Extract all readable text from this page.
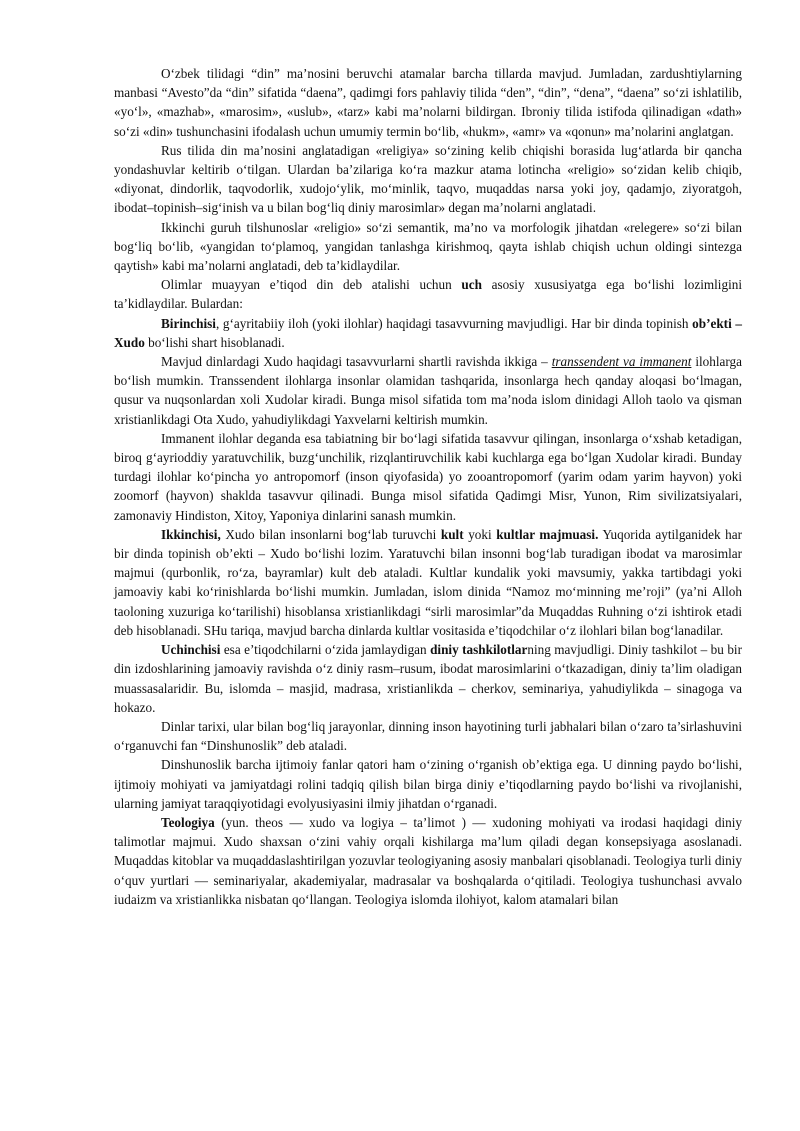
O‘zbek tilidagi “din” ma’nosini beruvchi atamalar barcha tillarda mavjud. Jumladan, zardushtiylarning manbasi “Avesto”da “din” sifatida “daena”, qadimgi fors pahlaviy tilida “den”, “din”, “dena”, “daena” so‘zi ishlatilib, «yo‘l», «mazhab», «marosim», «uslub», «tarz» kabi ma’nolarni bildirgan. Ibroniy tilida istifoda qilinadigan «dath» so‘zi «din» tushunchasini ifodalash uchun umumiy termin bo‘lib, «hukm», «amr» va «qonun» ma’nolarini anglatgan.

Rus tilida din ma’nosini anglatadigan «religiya» so‘zining kelib chiqishi borasida lug‘atlarda bir qancha yondashuvlar keltirib o‘tilgan. Ulardan ba’zilariga ko‘ra mazkur atama lotincha «religio» so‘zidan kelib chiqib, «diyonat, dindorlik, taqvodorlik, xudojo‘ylik, mo‘minlik, taqvo, muqaddas narsa yoki joy, qadamjo, ziyoratgoh, ibodat–topinish–sig‘inish va u bilan bog‘liq diniy marosimlar» degan ma’nolarni anglatadi.

Ikkinchi guruh tilshunoslar «religio» so‘zi semantik, ma’no va morfologik jihatdan «relegere» so‘zi bilan bog‘liq bo‘lib, «yangidan to‘plamoq, yangidan tanlashga kirishmoq, qayta ishlab chiqish uchun oldingi sintezga qaytish» kabi ma’nolarni anglatadi, deb ta’kidlaydilar.

Olimlar muayyan e’tiqod din deb atalishi uchun uch asosiy xususiyatga ega bo‘lishi lozimligini ta’kidlaydilar. Bulardan:

Birinchisi, g‘ayritabiiy iloh (yoki ilohlar) haqidagi tasavvurning mavjudligi. Har bir dinda topinish ob’ekti – Xudo bo‘lishi shart hisoblanadi.

Mavjud dinlardagi Xudo haqidagi tasavvurlarni shartli ravishda ikkiga – transsendent va immanent ilohlarga bo‘lish mumkin. Transsendent ilohlarga insonlar olamidan tashqarida, insonlarga hech qanday aloqasi bo‘lmagan, qusur va nuqsonlardan xoli Xudolar kiradi. Bunga misol sifatida tom ma’noda islom dinidagi Alloh taolo va qisman xristianlikdagi Ota Xudo, yahudiylikdagi Yaxvelarni keltirish mumkin.

Immanent ilohlar deganda esa tabiatning bir bo‘lagi sifatida tasavvur qilingan, insonlarga o‘xshab ketadigan, biroq g‘ayrioddiy yaratuvchilik, buzg‘unchilik, rizqlantiruvchilik kabi kuchlarga ega bo‘lgan Xudolar kiradi. Bunday turdagi ilohlar ko‘pincha yo antropomorf (inson qiyofasida) yo zooantropomorf (yarim odam yarim hayvon) yoki zoomorf (hayvon) shaklda tasavvur qilinadi. Bunga misol sifatida Qadimgi Misr, Yunon, Rim sivilizatsiyalari, zamonaviy Hindiston, Xitoy, Yaponiya dinlarini sanash mumkin.

Ikkinchisi, Xudo bilan insonlarni bog‘lab turuvchi kult yoki kultlar majmuasi. Yuqorida aytilganidek har bir dinda topinish ob’ekti – Xudo bo‘lishi lozim. Yaratuvchi bilan insonni bog‘lab turadigan ibodat va marosimlar majmui (qurbonlik, ro‘za, bayramlar) kult deb ataladi. Kultlar kundalik yoki mavsumiy, yakka tartibdagi yoki jamoaviy kabi ko‘rinishlarda bo‘lishi mumkin. Jumladan, islom dinida “Namoz mo‘minning me’roji” (ya’ni Alloh taoloning xuzuriga ko‘tarilishi) hisoblansa xristianlikdagi “sirli marosimlar”da Muqaddas Ruhning o‘zi ishtirok etadi deb hisoblanadi. SHu tariqa, mavjud barcha dinlarda kultlar vositasida e’tiqodchilar o‘z ilohlari bilan bog‘lanadilar.

Uchinchisi esa e’tiqodchilarni o‘zida jamlaydigan diniy tashkilotlarning mavjudligi. Diniy tashkilot – bu bir din izdoshlarining jamoaviy ravishda o‘z diniy rasm–rusum, ibodat marosimlarini o‘tkazadigan, diniy ta’lim oladigan muassasalaridir. Bu, islomda – masjid, madrasa, xristianlikda – cherkov, seminariya, yahudiylikda – sinagoga va hokazo.

Dinlar tarixi, ular bilan bog‘liq jarayonlar, dinning inson hayotining turli jabhalari bilan o‘zaro ta’sirlashuvini o‘rganuvchi fan “Dinshunoslik” deb ataladi.

Dinshunoslik barcha ijtimoiy fanlar qatori ham o‘zining o‘rganish ob’ektiga ega. U dinning paydo bo‘lishi, ijtimoiy mohiyati va jamiyatdagi rolini tadqiq qilish bilan birga diniy e’tiqodlarning paydo bo‘lishi va rivojlanishi, ularning jamiyat taraqqiyotidagi evolyusiyasini ilmiy jihatdan o‘rganadi.

Teologiya (yun. theos — xudo va logiya – ta’limot ) — xudoning mohiyati va irodasi haqidagi diniy talimotlar majmui. Xudo shaxsan o‘zini vahiy orqali kishilarga ma’lum qiladi degan konsepsiyaga asoslanadi. Muqaddas kitoblar va muqaddaslashtirilgan yozuvlar teologiyaning asosiy manbalari qisoblanadi. Teologiya turli diniy o‘quv yurtlari — seminariyalar, akademiyalar, madrasalar va boshqalarda o‘qitiladi. Teologiya tushunchasi avvalo iudaizm va xristianlikka nisbatan qo‘llangan. Teologiya islomda ilohiyot, kalom atamalari bilan
